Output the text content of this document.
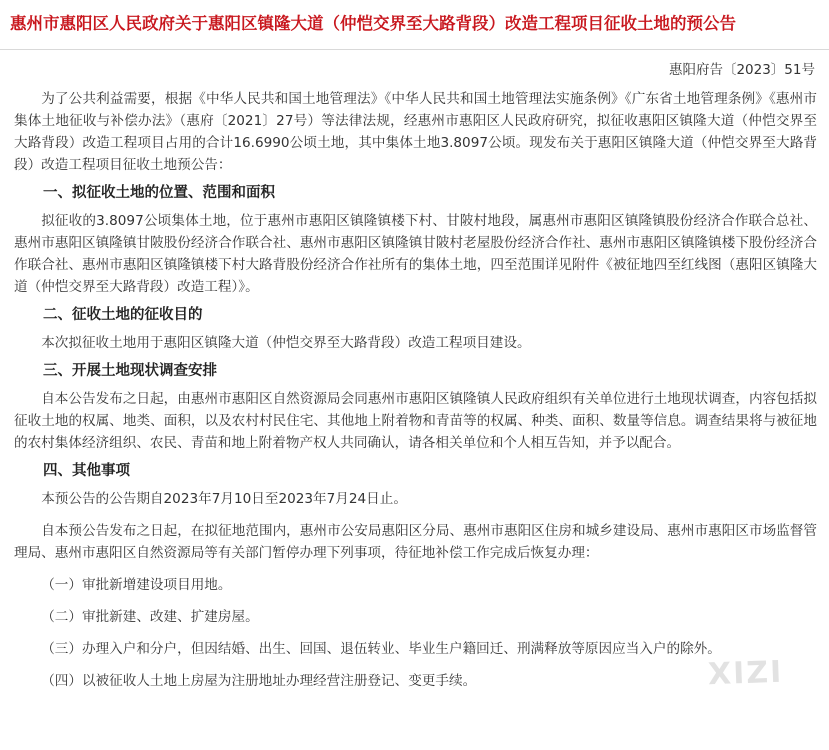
惠州市惠阳区人民政府关于惠阳区镇隆大道（仲恺交界至大路背段）改造工程项目征收土地的预公告
惠阳府告〔2023〕51号

为了公共利益需要，根据《中华人民共和国土地管理法》《中华人民共和国土地管理法实施条例》《广东省土地管理条例》《惠州市集体土地征收与补偿办法》（惠府〔2021〕27号）等法律法规，经惠州市惠阳区人民政府研究，拟征收惠阳区镇隆大道（仲恺交界至大路背段）改造工程项目占用的合计16.6990公顷土地，其中集体土地3.8097公顷。现发布关于惠阳区镇隆大道（仲恺交界至大路背段）改造工程项目征收土地预公告：

一、拟征收土地的位置、范围和面积

拟征收的3.8097公顷集体土地，位于惠州市惠阳区镇隆镇楼下村、甘陂村地段，属惠州市惠阳区镇隆镇股份经济合作联合总社、惠州市惠阳区镇隆镇甘陂股份经济合作联合社、惠州市惠阳区镇隆镇甘陂村老屋股份经济合作社、惠州市惠阳区镇隆镇楼下股份经济合作联合社、惠州市惠阳区镇隆镇楼下村大路背股份经济合作社所有的集体土地，四至范围详见附件《被征地四至红线图（惠阳区镇隆大道（仲恺交界至大路背段）改造工程）》。

二、征收土地的征收目的

本次拟征收土地用于惠阳区镇隆大道（仲恺交界至大路背段）改造工程项目建设。

三、开展土地现状调查安排

自本公告发布之日起，由惠州市惠阳区自然资源局会同惠州市惠阳区镇隆镇人民政府组织有关单位进行土地现状调查，内容包括拟征收土地的权属、地类、面积，以及农村村民住宅、其他地上附着物和青苗等的权属、种类、面积、数量等信息。调查结果将与被征地的农村集体经济组织、农民、青苗和地上附着物产权人共同确认，请各相关单位和个人相互告知，并予以配合。

四、其他事项

本预公告的公告期自2023年7月10日至2023年7月24日止。

自本预公告发布之日起，在拟征地范围内，惠州市公安局惠阳区分局、惠州市惠阳区住房和城乡建设局、惠州市惠阳区市场监督管理局、惠州市惠阳区自然资源局等有关部门暂停办理下列事项，待征地补偿工作完成后恢复办理：

（一）审批新增建设项目用地。

（二）审批新建、改建、扩建房屋。

（三）办理入户和分户，但因结婚、出生、回国、退伍转业、毕业生户籍回迁、刑满释放等原因应当入户的除外。

（四）以被征收人土地上房屋为注册地址办理经营注册登记、变更手续。	XIZI
